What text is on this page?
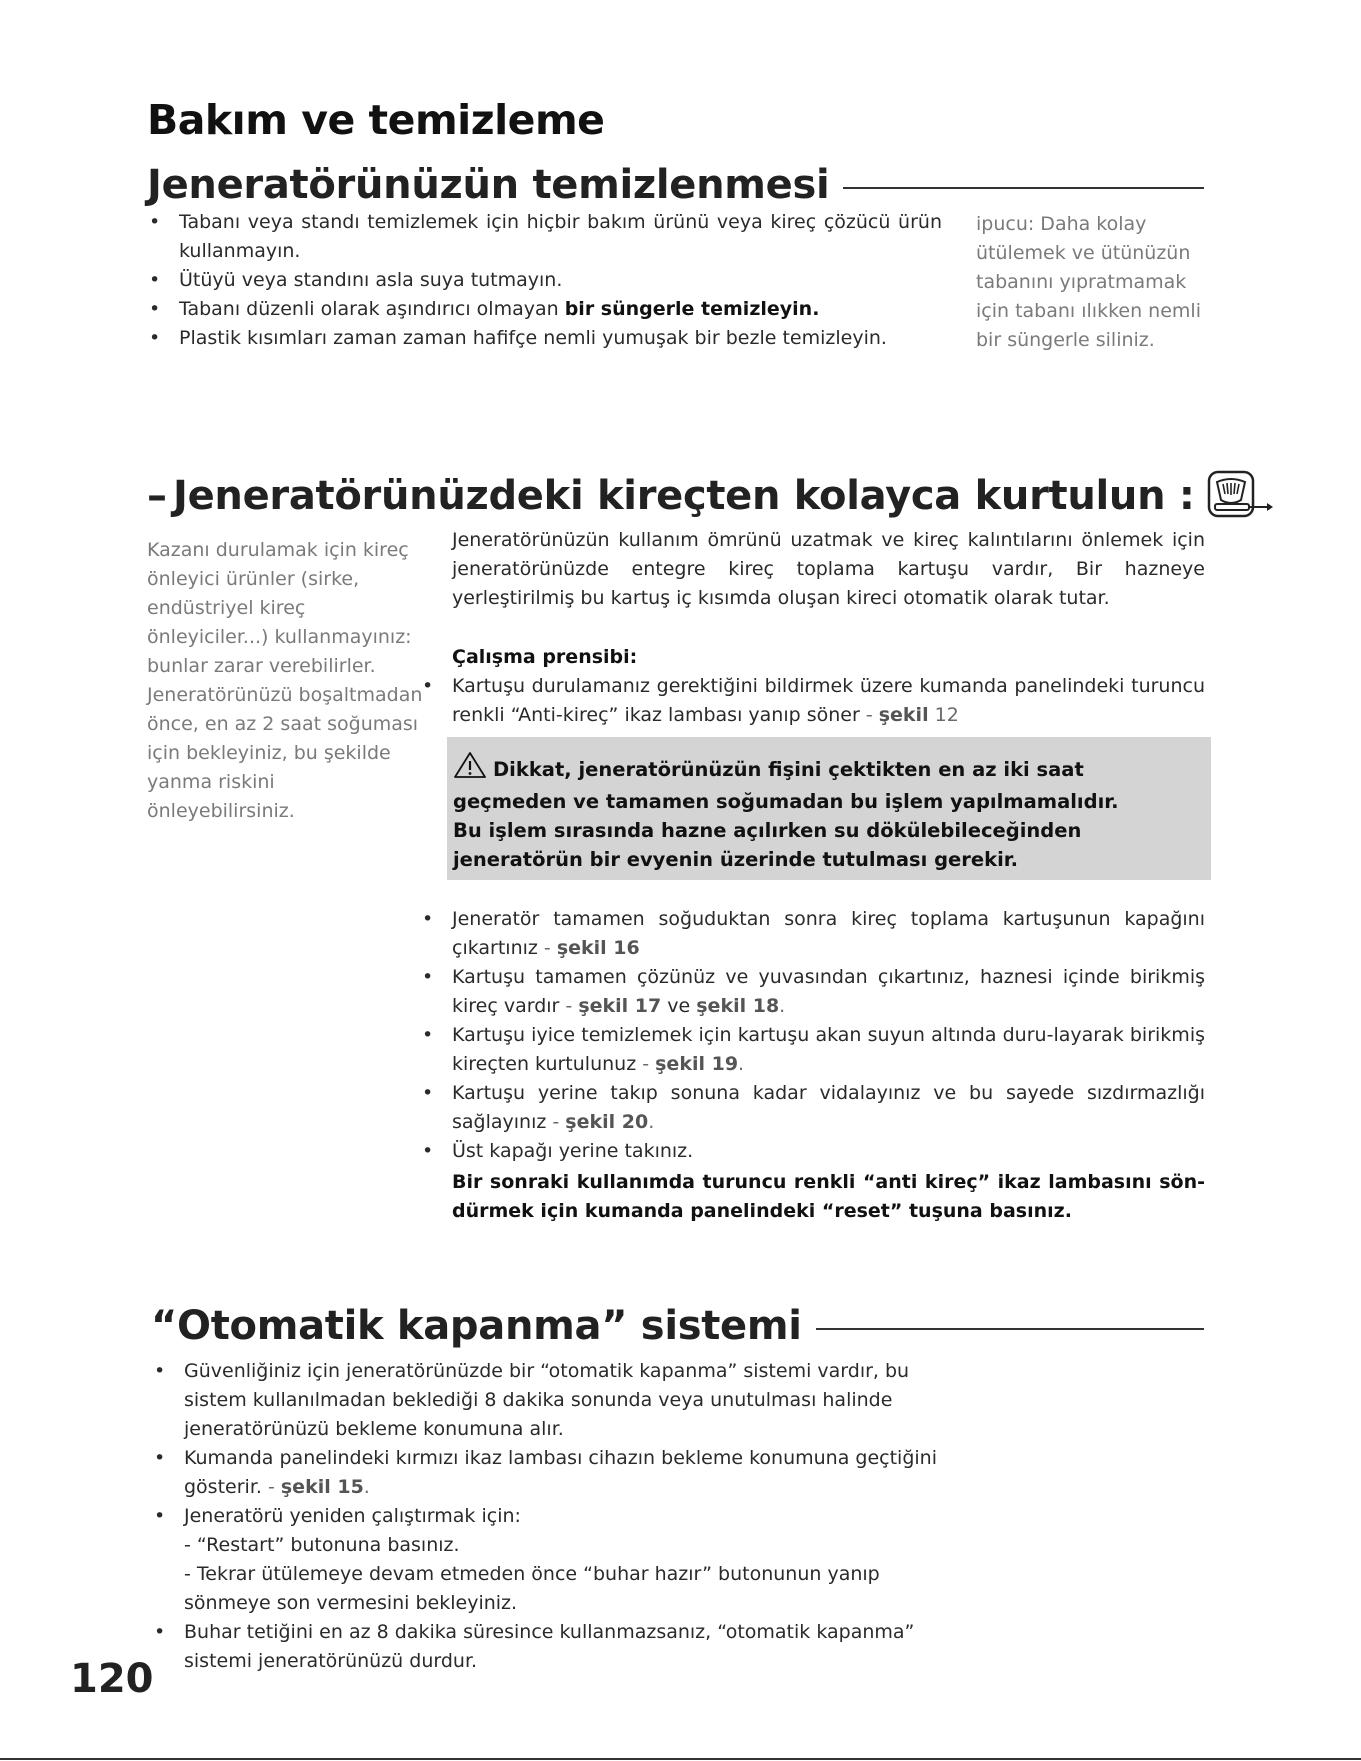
Bakım ve temizleme
Jeneratörünüzün temizlenmesi
• Tabanı veya standı temizlemek için hiçbir bakım ürünü veya kireç çözücü ürün kullanmayın.
• Ütüyü veya standını asla suya tutmayın.
• Tabanı düzenli olarak aşındırıcı olmayan bir süngerle temizleyin.
• Plastik kısımları zaman zaman hafifçe nemli yumuşak bir bezle temizleyin.
ipucu: Daha kolay ütülemek ve ütünüzün tabanını yıpratmamak için tabanı ılıkken nemli bir süngerle siliniz.
– Jeneratörünüzdeki kireçten kolayca kurtulun :
Kazanı durulamak için kireç önleyici ürünler (sirke, endüstriyel kireç önleyiciler...) kullanmayınız: bunlar zarar verebilirler. Jeneratörünüzü boşaltmadan önce, en az 2 saat soğuması için bekleyiniz, bu şekilde yanma riskini önleyebilirsiniz.
Jeneratörünüzün kullanım ömrünü uzatmak ve kireç kalıntılarını önlemek için jeneratörünüzde entegre kireç toplama kartuşu vardır, Bir hazneye yerleştirilmiş bu kartuş iç kısımda oluşan kireci otomatik olarak tutar.
Çalışma prensibi:
• Kartuşu durulamanız gerektiğini bildirmek üzere kumanda panelindeki turuncu renkli “Anti-kireç” ikaz lambası yanıp söner - şekil 12
Dikkat, jeneratörünüzün fişini çektikten en az iki saat geçmeden ve tamamen soğumadan bu işlem yapılmamalıdır.
Bu işlem sırasında hazne açılırken su dökülebileceğinden jeneratörün bir evyenin üzerinde tutulması gerekir.
• Jeneratör tamamen soğuduktan sonra kireç toplama kartuşunun kapağını çıkartınız - şekil 16
• Kartuşu tamamen çözünüz ve yuvasından çıkartınız, haznesi içinde birikmiş kireç vardır - şekil 17 ve şekil 18.
• Kartuşu iyice temizlemek için kartuşu akan suyun altında duru-layarak birikmiş kireçten kurtulunuz - şekil 19.
• Kartuşu yerine takıp sonuna kadar vidalayınız ve bu sayede sızdırmazlığı sağlayınız - şekil 20.
• Üst kapağı yerine takınız.
Bir sonraki kullanımda turuncu renkli “anti kireç” ikaz lambasını sön-dürmek için kumanda panelindeki “reset” tuşuna basınız.
“Otomatik kapanma” sistemi
• Güvenliğiniz için jeneratörünüzde bir “otomatik kapanma” sistemi vardır, bu sistem kullanılmadan beklediği 8 dakika sonunda veya unutulması halinde jeneratörünüzü bekleme konumuna alır.
• Kumanda panelindeki kırmızı ikaz lambası cihazın bekleme konumuna geçtiğini gösterir. - şekil 15.
• Jeneratörü yeniden çalıştırmak için:
- “Restart” butonuna basınız.
- Tekrar ütülemeye devam etmeden önce “buhar hazır” butonunun yanıp sönmeye son vermesini bekleyiniz.
• Buhar tetiğini en az 8 dakika süresince kullanmazsanız, “otomatik kapanma” sistemi jeneratörünüzü durdur.
120
